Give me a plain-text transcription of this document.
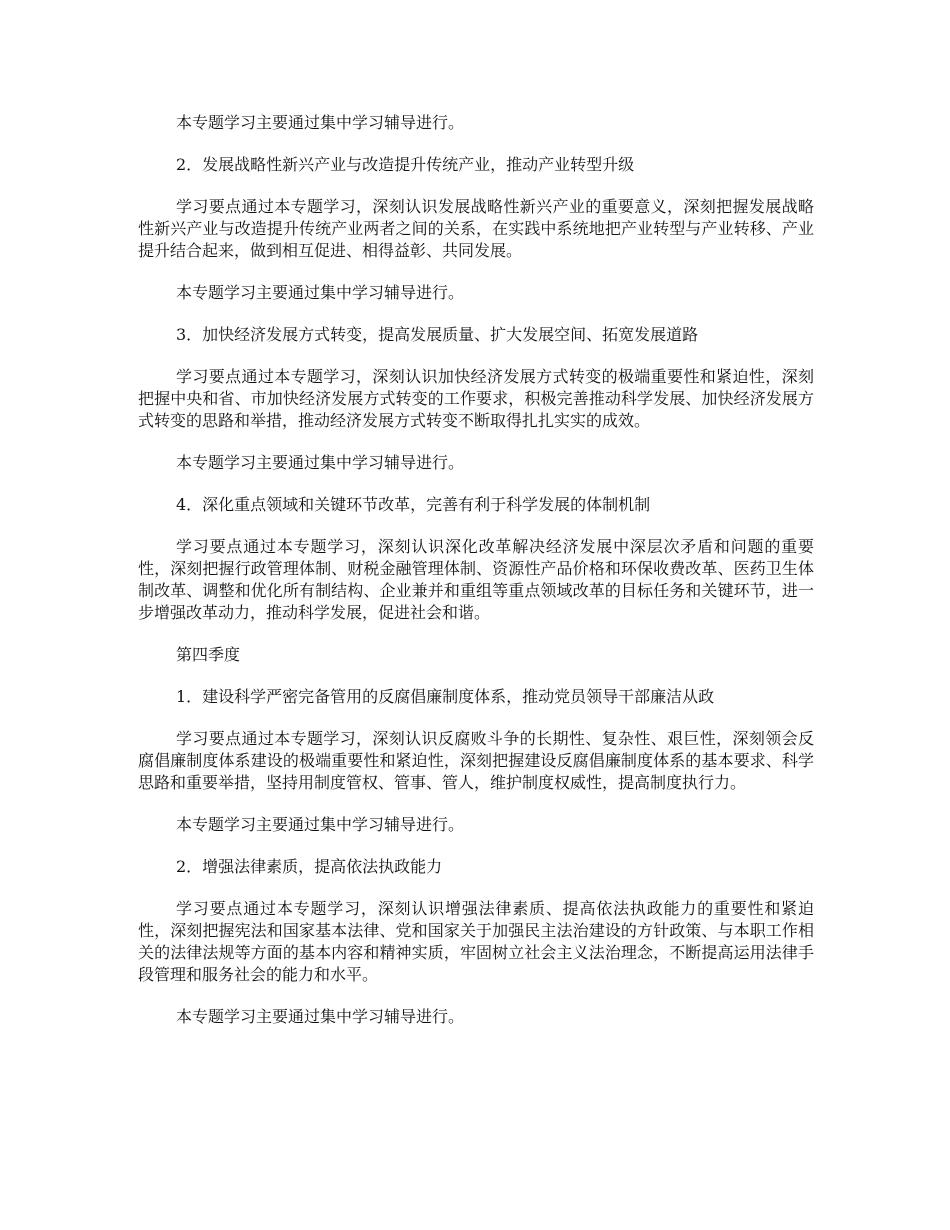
本专题学习主要通过集中学习辅导进行。

2．发展战略性新兴产业与改造提升传统产业，推动产业转型升级

学习要点通过本专题学习，深刻认识发展战略性新兴产业的重要意义，深刻把握发展战略性新兴产业与改造提升传统产业两者之间的关系，在实践中系统地把产业转型与产业转移、产业提升结合起来，做到相互促进、相得益彰、共同发展。

本专题学习主要通过集中学习辅导进行。

3．加快经济发展方式转变，提高发展质量、扩大发展空间、拓宽发展道路

学习要点通过本专题学习，深刻认识加快经济发展方式转变的极端重要性和紧迫性，深刻把握中央和省、市加快经济发展方式转变的工作要求，积极完善推动科学发展、加快经济发展方式转变的思路和举措，推动经济发展方式转变不断取得扎扎实实的成效。

本专题学习主要通过集中学习辅导进行。

4．深化重点领域和关键环节改革，完善有利于科学发展的体制机制

学习要点通过本专题学习，深刻认识深化改革解决经济发展中深层次矛盾和问题的重要性，深刻把握行政管理体制、财税金融管理体制、资源性产品价格和环保收费改革、医药卫生体制改革、调整和优化所有制结构、企业兼并和重组等重点领域改革的目标任务和关键环节，进一步增强改革动力，推动科学发展，促进社会和谐。

第四季度

1．建设科学严密完备管用的反腐倡廉制度体系，推动党员领导干部廉洁从政

学习要点通过本专题学习，深刻认识反腐败斗争的长期性、复杂性、艰巨性，深刻领会反腐倡廉制度体系建设的极端重要性和紧迫性，深刻把握建设反腐倡廉制度体系的基本要求、科学思路和重要举措，坚持用制度管权、管事、管人，维护制度权威性，提高制度执行力。

本专题学习主要通过集中学习辅导进行。

2．增强法律素质，提高依法执政能力

学习要点通过本专题学习，深刻认识增强法律素质、提高依法执政能力的重要性和紧迫性，深刻把握宪法和国家基本法律、党和国家关于加强民主法治建设的方针政策、与本职工作相关的法律法规等方面的基本内容和精神实质，牢固树立社会主义法治理念，不断提高运用法律手段管理和服务社会的能力和水平。

本专题学习主要通过集中学习辅导进行。
